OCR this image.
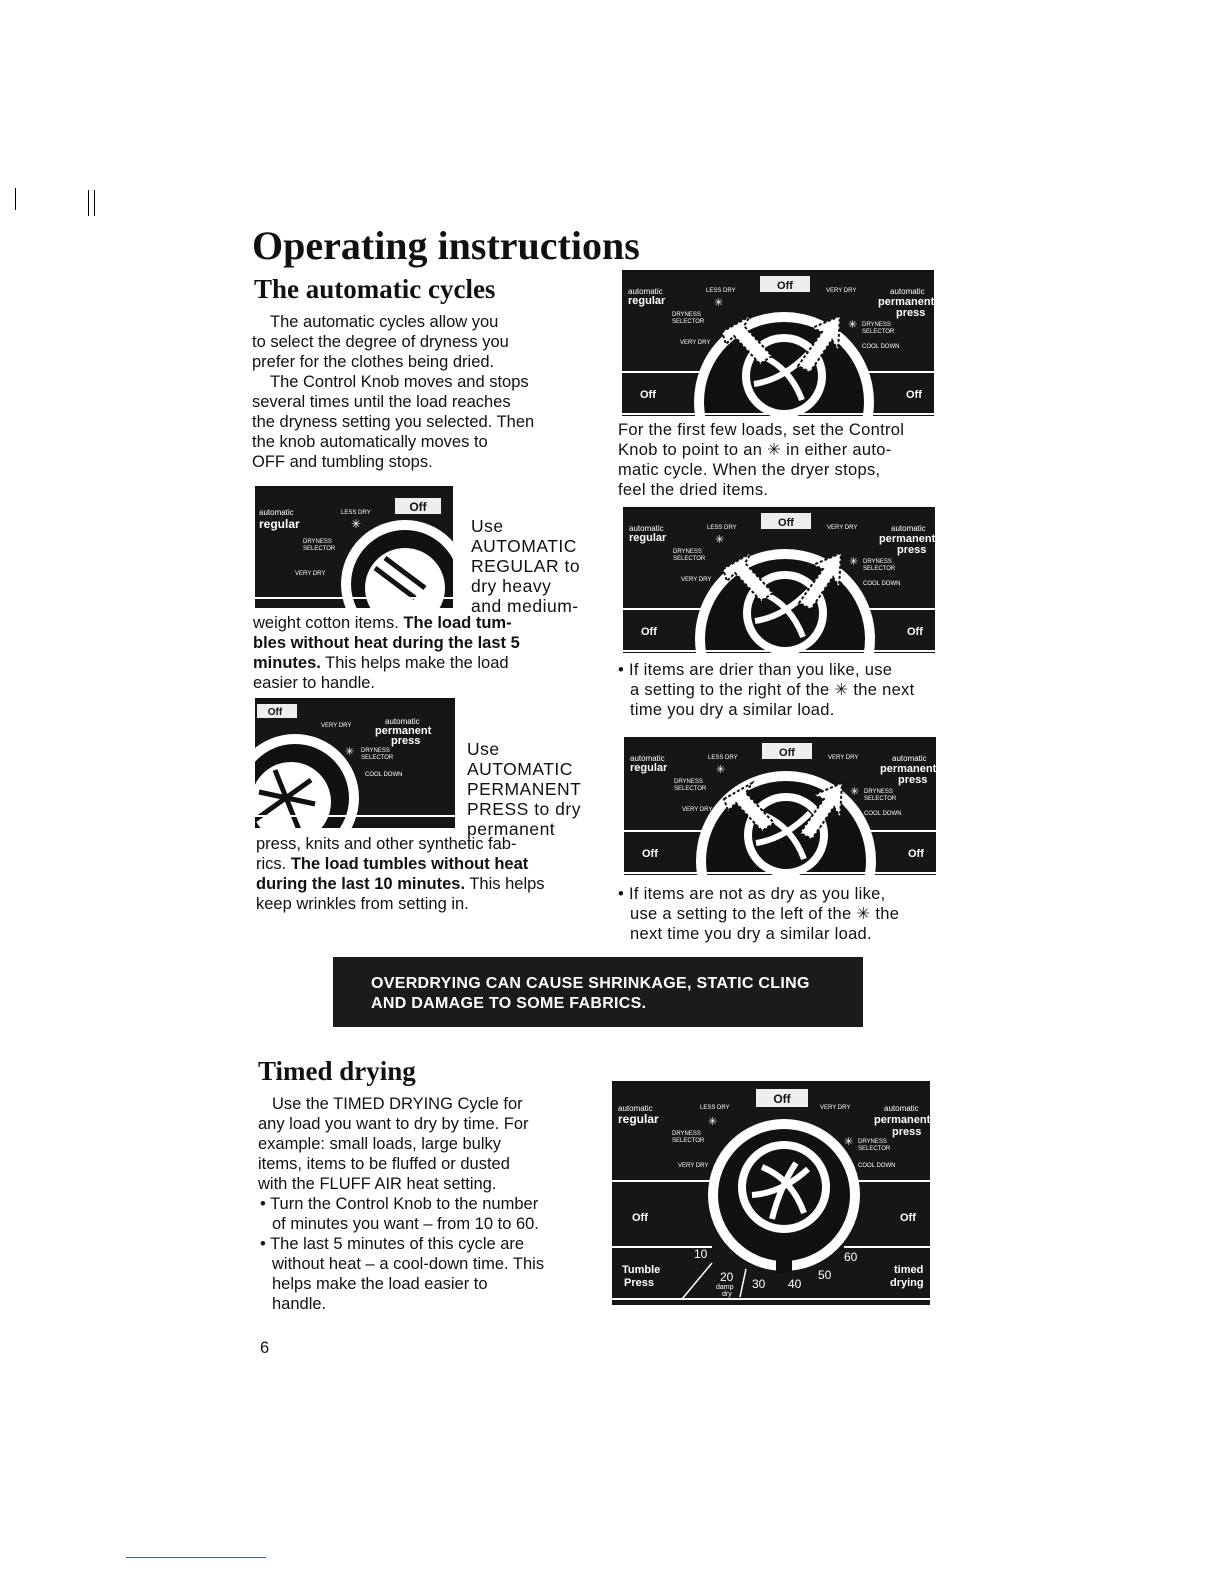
Operating instructions
The automatic cycles
The automatic cycles allow you
to select the degree of dryness you
prefer for the clothes being dried.
The Control Knob moves and stops
several times until the load reaches
the dryness setting you selected. Then
the knob automatically moves to
OFF and tumbling stops.
Off
automatic
regular
DRYNESS
SELECTOR
VERY DRY
LESS DRY
✳	Use
AUTOMATIC
REGULAR to
dry heavy
and medium-
weight cotton items. The load tum-
bles without heat during the last 5
minutes. This helps make the load
easier to handle.
Off
automatic
permanent
press
VERY DRY
✳ DRYNESS
SELECTOR
COOL DOWN
Use
AUTOMATIC
PERMANENT
PRESS to dry
permanent
press, knits and other synthetic fab-
rics. The load tumbles without heat
during the last 10 minutes. This helps
keep wrinkles from setting in.
Off
automatic
regular
LESS DRY
✳
DRYNESS
SELECTOR
VERY DRY
VERY DRY	automatic
permanent
press
✳ DRYNESS
SELECTOR
COOL DOWN
Off	Off
For the first few loads, set the Control
Knob to point to an ✳ in either auto-
matic cycle. When the dryer stops,
feel the dried items.
Off
automatic
regular
LESS DRY
✳
DRYNESS
SELECTOR
VERY DRY
VERY DRY	automatic
permanent
press
✳ DRYNESS
SELECTOR
COOL DOWN
Off	Off
• If items are drier than you like, use
a setting to the right of the ✳ the next
time you dry a similar load.
Off
automatic
regular
LESS DRY
✳
DRYNESS
SELECTOR
VERY DRY
VERY DRY	automatic
permanent
press
✳ DRYNESS
SELECTOR
COOL DOWN
Off	Off
• If items are not as dry as you like,
use a setting to the left of the ✳ the
next time you dry a similar load.
OVERDRYING CAN CAUSE SHRINKAGE, STATIC CLING
AND DAMAGE TO SOME FABRICS.
Timed drying
Use the TIMED DRYING Cycle for
any load you want to dry by time. For
example: small loads, large bulky
items, items to be fluffed or dusted
with the FLUFF AIR heat setting.
• Turn the Control Knob to the number
of minutes you want – from 10 to 60.
• The last 5 minutes of this cycle are
without heat – a cool-down time. This
helps make the load easier to
handle.
Off
automatic
regular
LESS DRY
✳
DRYNESS
SELECTOR
VERY DRY
VERY DRY	automatic
permanent
press
✳ DRYNESS
SELECTOR
COOL DOWN
Off	Off
10
20 30 40
50
60
damp
dry
Tumble
Press
timed
drying
6
